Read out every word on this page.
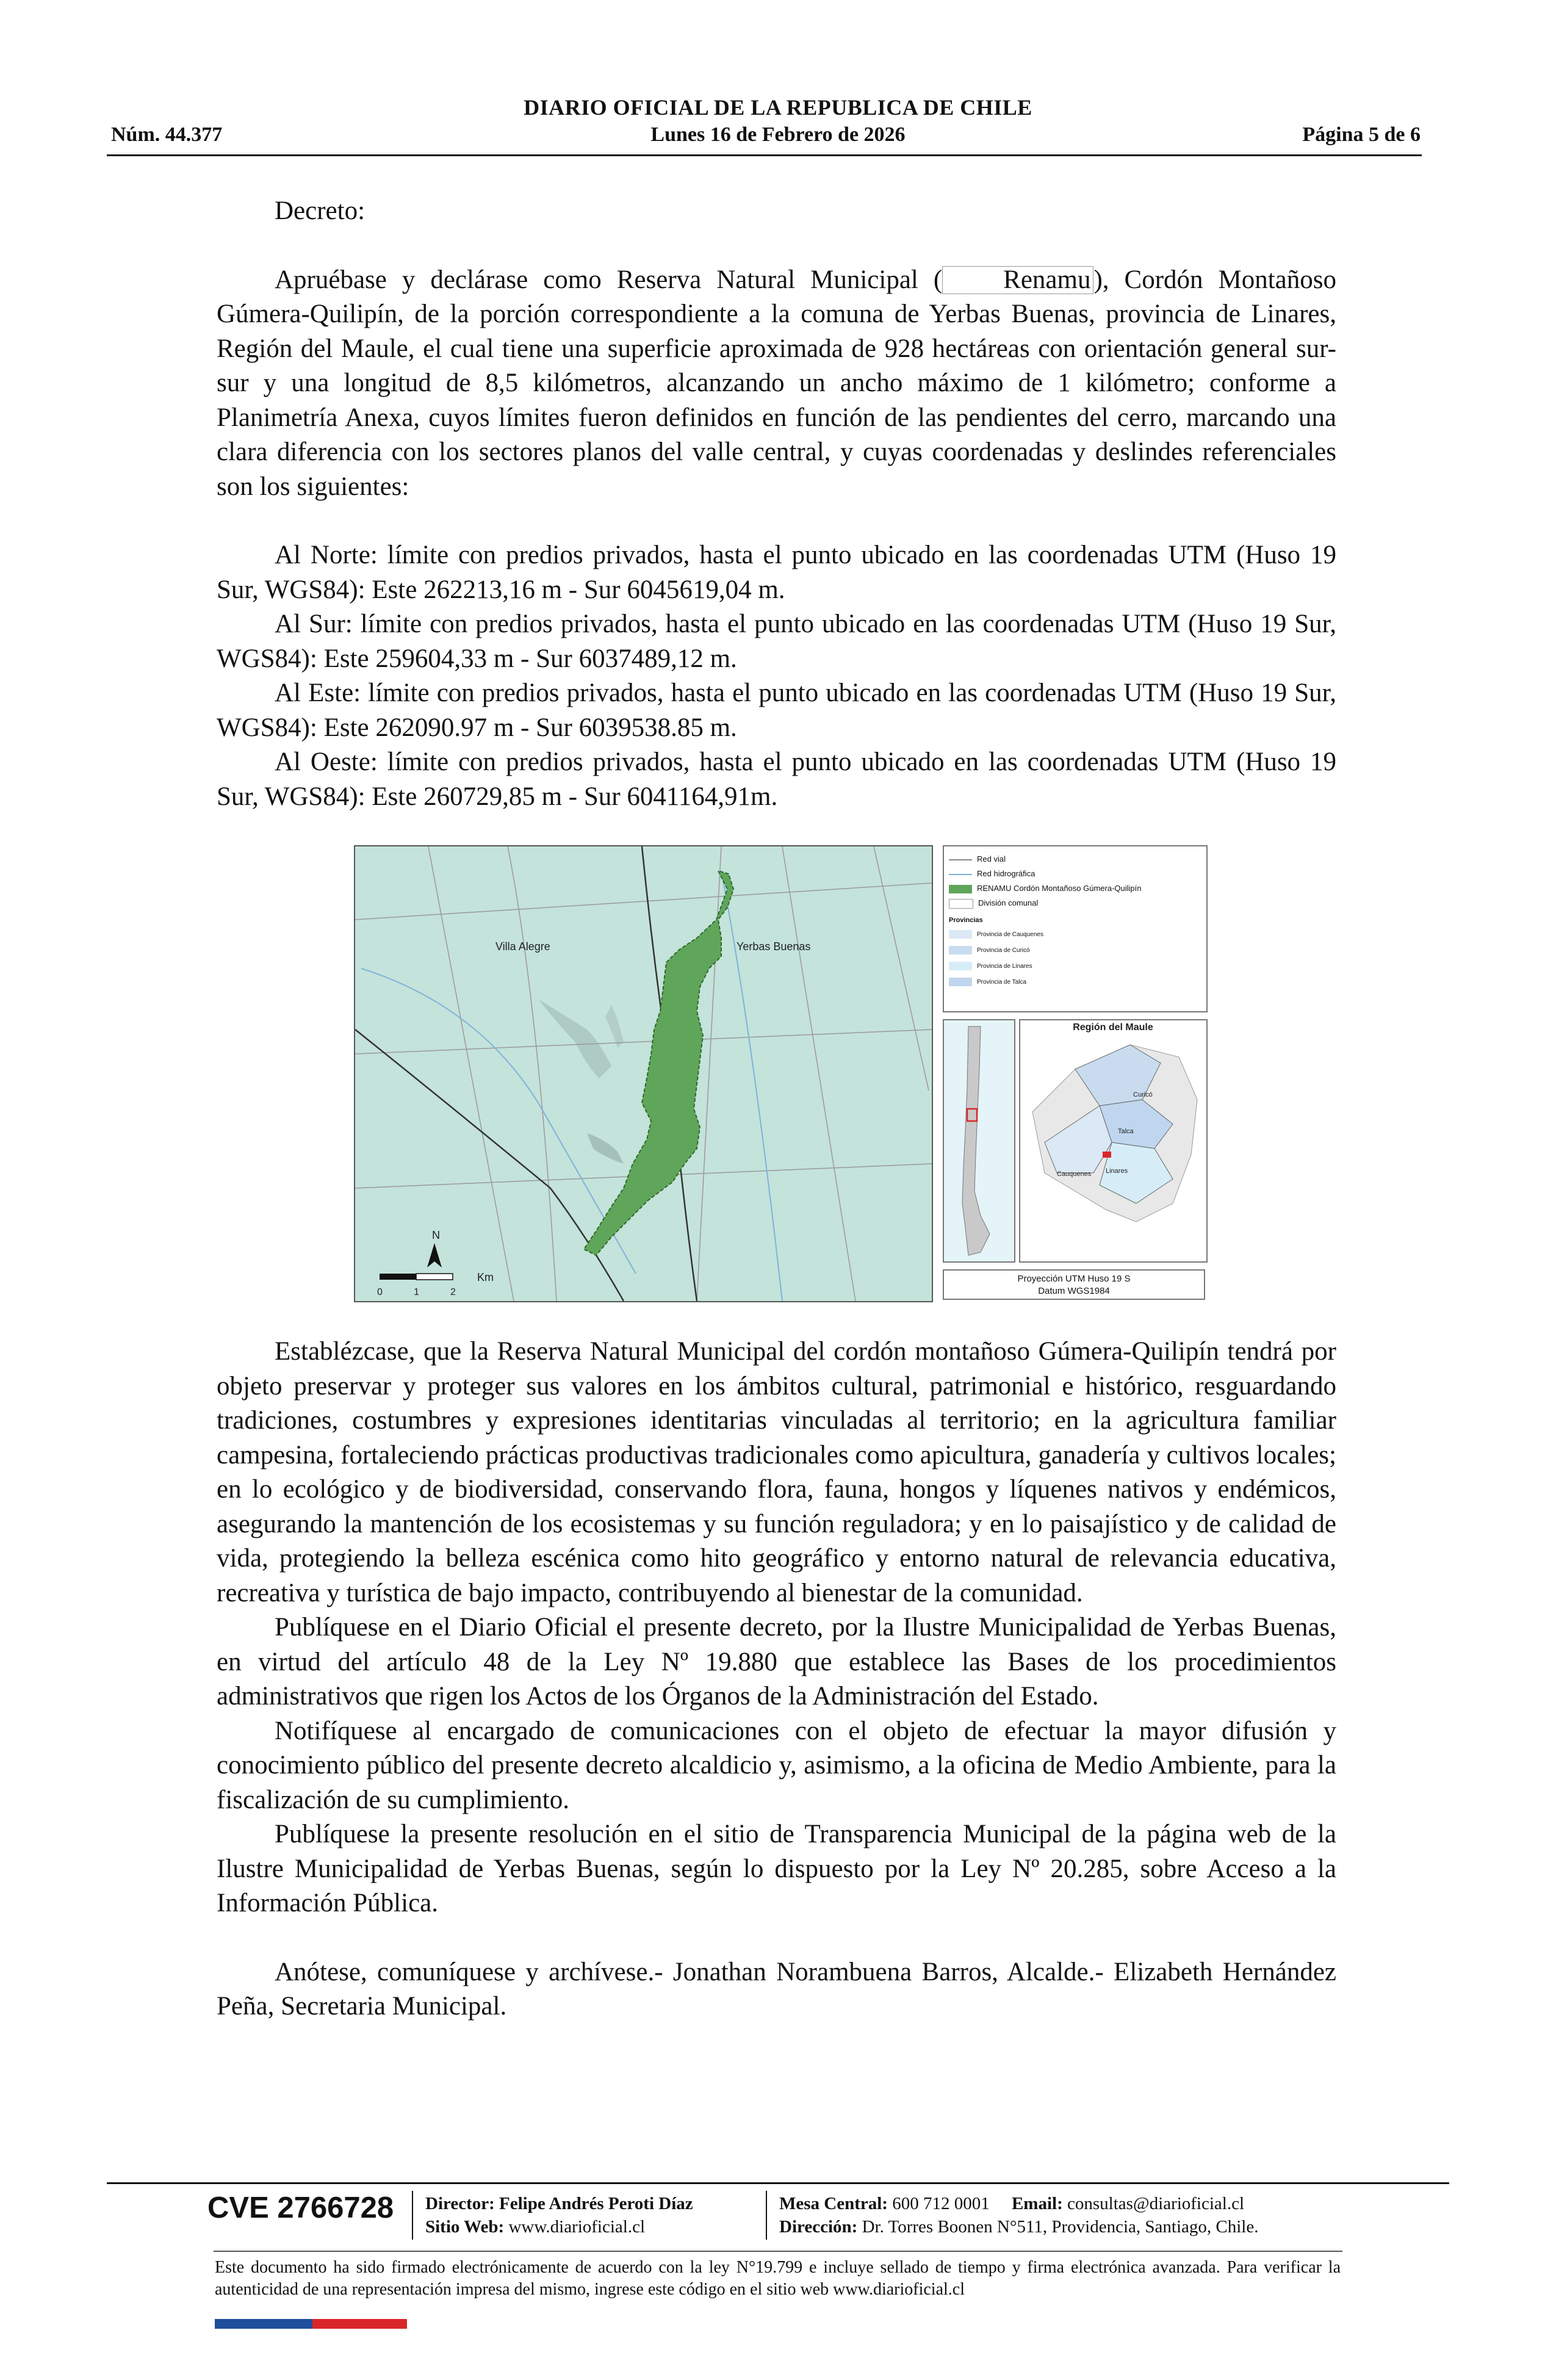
DIARIO OFICIAL DE LA REPUBLICA DE CHILE
Núm. 44.377	Lunes 16 de Febrero de 2026	Página 5 de 6

Decreto:

Apruébase y declárase como Reserva Natural Municipal ( Renamu ), Cordón Montañoso Gúmera-Quilipín, de la porción correspondiente a la comuna de Yerbas Buenas, provincia de Linares, Región del Maule, el cual tiene una superficie aproximada de 928 hectáreas con orientación general sur-sur y una longitud de 8,5 kilómetros, alcanzando un ancho máximo de 1 kilómetro; conforme a Planimetría Anexa, cuyos límites fueron definidos en función de las pendientes del cerro, marcando una clara diferencia con los sectores planos del valle central, y cuyas coordenadas y deslindes referenciales son los siguientes:

Al Norte: límite con predios privados, hasta el punto ubicado en las coordenadas UTM (Huso 19 Sur, WGS84): Este 262213,16 m - Sur 6045619,04 m.

Al Sur: límite con predios privados, hasta el punto ubicado en las coordenadas UTM (Huso 19 Sur, WGS84): Este 259604,33 m - Sur 6037489,12 m.

Al Este: límite con predios privados, hasta el punto ubicado en las coordenadas UTM (Huso 19 Sur, WGS84): Este 262090.97 m - Sur 6039538.85 m.

Al Oeste: límite con predios privados, hasta el punto ubicado en las coordenadas UTM (Huso 19 Sur, WGS84): Este 260729,85 m - Sur 6041164,91m.

Villa Alegre	Yerbas Buenas
N
Km
0	1	2
Red vial
Red hidrográfica
RENAMU Cordón Montañoso Gúmera-Quilipín
División comunal
Provincias
Provincia de Cauquenes
Provincia de Curicó
Provincia de Linares
Provincia de Talca
Región del Maule
Curicó
Talca
Cauquenes Linares
Proyección UTM Huso 19 S
Datum WGS1984

Establézcase, que la Reserva Natural Municipal del cordón montañoso Gúmera-Quilipín tendrá por objeto preservar y proteger sus valores en los ámbitos cultural, patrimonial e histórico, resguardando tradiciones, costumbres y expresiones identitarias vinculadas al territorio; en la agricultura familiar campesina, fortaleciendo prácticas productivas tradicionales como apicultura, ganadería y cultivos locales; en lo ecológico y de biodiversidad, conservando flora, fauna, hongos y líquenes nativos y endémicos, asegurando la mantención de los ecosistemas y su función reguladora; y en lo paisajístico y de calidad de vida, protegiendo la belleza escénica como hito geográfico y entorno natural de relevancia educativa, recreativa y turística de bajo impacto, contribuyendo al bienestar de la comunidad.

Publíquese en el Diario Oficial el presente decreto, por la Ilustre Municipalidad de Yerbas Buenas, en virtud del artículo 48 de la Ley Nº 19.880 que establece las Bases de los procedimientos administrativos que rigen los Actos de los Órganos de la Administración del Estado.

Notifíquese al encargado de comunicaciones con el objeto de efectuar la mayor difusión y conocimiento público del presente decreto alcaldicio y, asimismo, a la oficina de Medio Ambiente, para la fiscalización de su cumplimiento.

Publíquese la presente resolución en el sitio de Transparencia Municipal de la página web de la Ilustre Municipalidad de Yerbas Buenas, según lo dispuesto por la Ley Nº 20.285, sobre Acceso a la Información Pública.

Anótese, comuníquese y archívese.- Jonathan Norambuena Barros, Alcalde.- Elizabeth Hernández Peña, Secretaria Municipal.

CVE 2766728 Director: Felipe Andrés Peroti Díaz
Sitio Web: www.diarioficial.cl
Mesa Central: 600 712 0001 Email: consultas@diarioficial.cl
Dirección: Dr. Torres Boonen N°511, Providencia, Santiago, Chile.
Este documento ha sido firmado electrónicamente de acuerdo con la ley N°19.799 e incluye sellado de tiempo y firma electrónica avanzada. Para verificar la autenticidad de una representación impresa del mismo, ingrese este código en el sitio web www.diarioficial.cl
